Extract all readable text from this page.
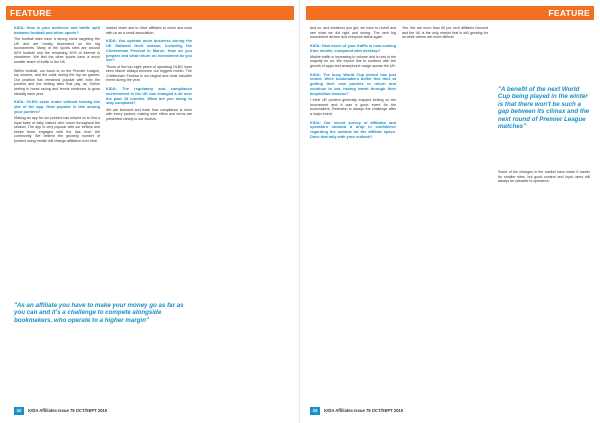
FEATURE
KIDA: How is your audience and traffic split between football and other sports?

The football sites have a strong niche targeting the UK and are mostly dependent on the big tournaments. Many of the sports sites are around 60% football and the remaining 40% of interest is elsewhere. We find the other sports have a much smaller share of traffic in the UK.

Within football, our focus is on the Premier League, top scorers, and the odds during the top six games. Our position has remained popular with both the punters and the betting sites that pay us. Online betting in horse racing and tennis continues to grow steadily each year.

KIDA: OLBG seem under without leaving the site of the app. How popular is this among your punters?

Making an app for our punters has helped us to find a loyal base of daily visitors who return throughout the season. The app is very popular with our bettors and keeps them engaged with the tips from the community. We believe the growing number of punters using mobile will change affiliation over time.

market share and to drive affiliates to come and work with us as a small association.

KIDA: You operate more business during the UK National Hunt season, including the Cheltenham Festival in March. How do you prepare and what return on investment do you see?

Those of the top eight years of operating OLBG have seen March always become our biggest month. The Cheltenham Festival is our largest and most valuable event during the year.

KIDA: The regulatory and compliance environment in the UK has changed a lot over the past 18 months. What are you doing to stay compliant?

We are licensed and track how compliance is done with every partner, making sure offers and terms are presented clearly to our visitors.

"As an affiliate you have to make your money go as far as you can and it's a challenge to compete alongside bookmakers, who operate to a higher margin"
32 KIDA Affiliates Issue 79 OCT/SEPT 2010
FEATURE

and so, and whatever you get, we have to revisit and see what we did right and wrong. The next big tournament arrives and everyone starts again.

KIDA: How much of your traffic is now coming from mobile, compared with desktop?

Mobile traffic is increasing in volume and is now in the majority for us. We expect this to continue with the growth of apps and smartphone usage across the UK.

KIDA: The busy World Cup period has just ended. Were bookmakers better this time at getting their new punters to return and continue to bet, having learnt through their acquisition lessons?

I think UK punters generally enjoyed betting on the tournament and it was a good event for the bookmakers. Retention is always the challenge after a major event.

KIDA: Our recent survey of affiliates and operators showed a drop in confidence regarding the outlook for the affiliate space. Does that tally with your outlook?

Yes. We are more than 60 per cent affiliates focused and the UK is the only market that is still growing for us while others are more difficult.

"A benefit of the next World Cup being played in the winter is that there won't be such a gap between its climax and the next round of Premier League matches"

Some of the changes in the market have made it harder for smaller sites, but good content and loyal users will always be valuable to operators.

33 KIDA Affiliates Issue 79 OCT/SEPT 2010
